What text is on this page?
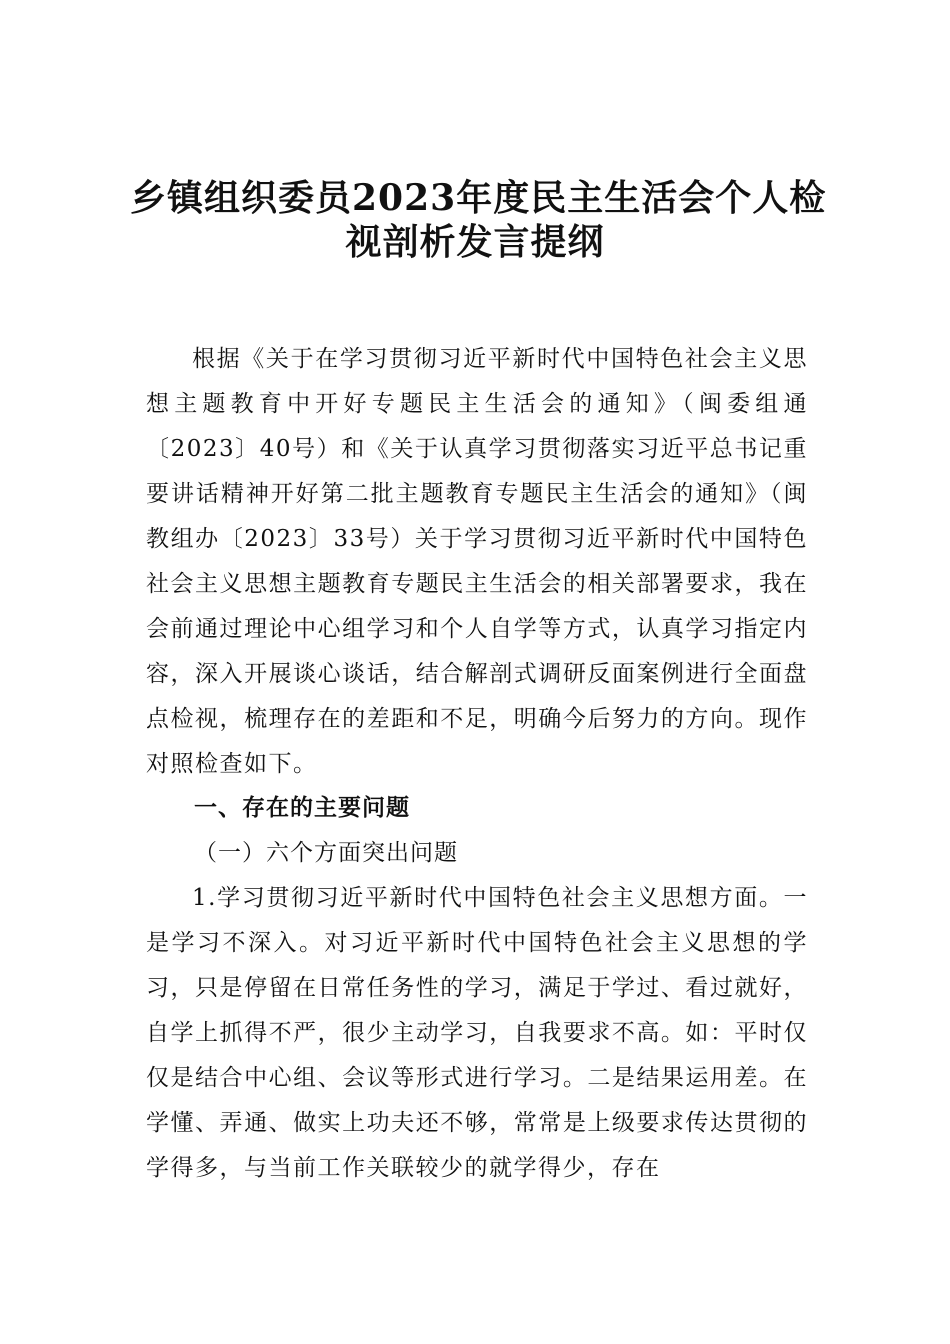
乡镇组织委员2023年度民主生活会个人检
视剖析发言提纲
根据《关于在学习贯彻习近平新时代中国特色社会主义思想主题教育中开好专题民主生活会的通知》（闽委组通〔2023〕40号）和《关于认真学习贯彻落实习近平总书记重要讲话精神开好第二批主题教育专题民主生活会的通知》（闽教组办〔2023〕33号）关于学习贯彻习近平新时代中国特色社会主义思想主题教育专题民主生活会的相关部署要求，我在会前通过理论中心组学习和个人自学等方式，认真学习指定内容，深入开展谈心谈话，结合解剖式调研反面案例进行全面盘点检视，梳理存在的差距和不足，明确今后努力的方向。现作对照检查如下。
一、存在的主要问题
（一）六个方面突出问题
1.学习贯彻习近平新时代中国特色社会主义思想方面。一是学习不深入。对习近平新时代中国特色社会主义思想的学习，只是停留在日常任务性的学习，满足于学过、看过就好，自学上抓得不严，很少主动学习，自我要求不高。如：平时仅仅是结合中心组、会议等形式进行学习。二是结果运用差。在学懂、弄通、做实上功夫还不够，常常是上级要求传达贯彻的学得多，与当前工作关联较少的就学得少，存在
